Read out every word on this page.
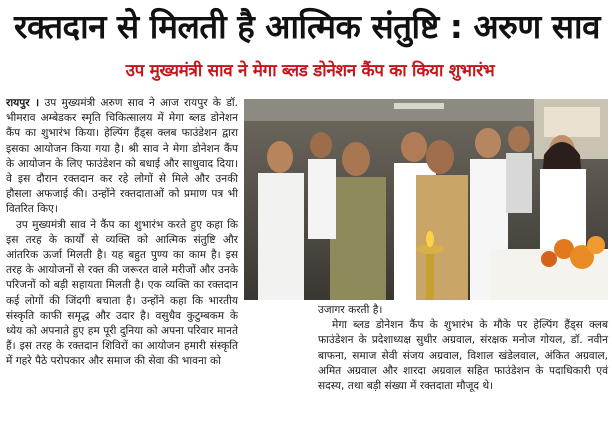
रक्तदान से मिलती है आत्मिक संतुष्टि : अरुण साव
उप मुख्यमंत्री साव ने मेगा ब्लड डोनेशन कैंप का किया शुभारंभ

रायपुर । उप मुख्यमंत्री अरुण साव ने आज रायपुर के डॉ. भीमराव अम्बेडकर स्मृति चिकित्सालय में मेगा ब्लड डोनेशन कैंप का शुभारंभ किया। हेल्पिंग हैंड्स क्लब फाउंडेशन द्वारा इसका आयोजन किया गया है। श्री साव ने मेगा डोनेशन कैंप के आयोजन के लिए फाउंडेशन को बधाई और साधुवाद दिया। वे इस दौरान रक्तदान कर रहे लोगों से मिले और उनकी हौसला अफजाई की। उन्होंने रक्तदाताओं को प्रमाण पत्र भी वितरित किए।

उप मुख्यमंत्री साव ने कैंप का शुभारंभ करते हुए कहा कि इस तरह के कार्यों से व्यक्ति को आत्मिक संतुष्टि और आंतरिक ऊर्जा मिलती है। यह बहुत पुण्य का काम है। इस तरह के आयोजनों से रक्त की जरूरत वाले मरीजों और उनके परिजनों को बड़ी सहायता मिलती है। एक व्यक्ति का रक्तदान कई लोगों की जिंदगी बचाता है। उन्होंने कहा कि भारतीय संस्कृति काफी समृद्ध और उदार है। वसुधैव कुटुम्बकम के ध्येय को अपनाते हुए हम पूरी दुनिया को अपना परिवार मानते हैं। इस तरह के रक्तदान शिविरों का आयोजन हमारी संस्कृति में गहरे पैठे परोपकार और समाज की सेवा की भावना को

उजागर करती है।

मेगा ब्लड डोनेशन कैंप के शुभारंभ के मौके पर हेल्पिंग हैंड्स क्लब फाउंडेशन के प्रदेशाध्यक्ष सुधीर अग्रवाल, संरक्षक मनोज गोयल, डॉ. नवीन बाफना, समाज सेवी संजय अग्रवाल, विशाल खंडेलवाल, अंकित अग्रवाल, अमित अग्रवाल और शारदा अग्रवाल सहित फाउंडेशन के पदाधिकारी एवं सदस्य, तथा बड़ी संख्या में रक्तदाता मौजूद थे।
